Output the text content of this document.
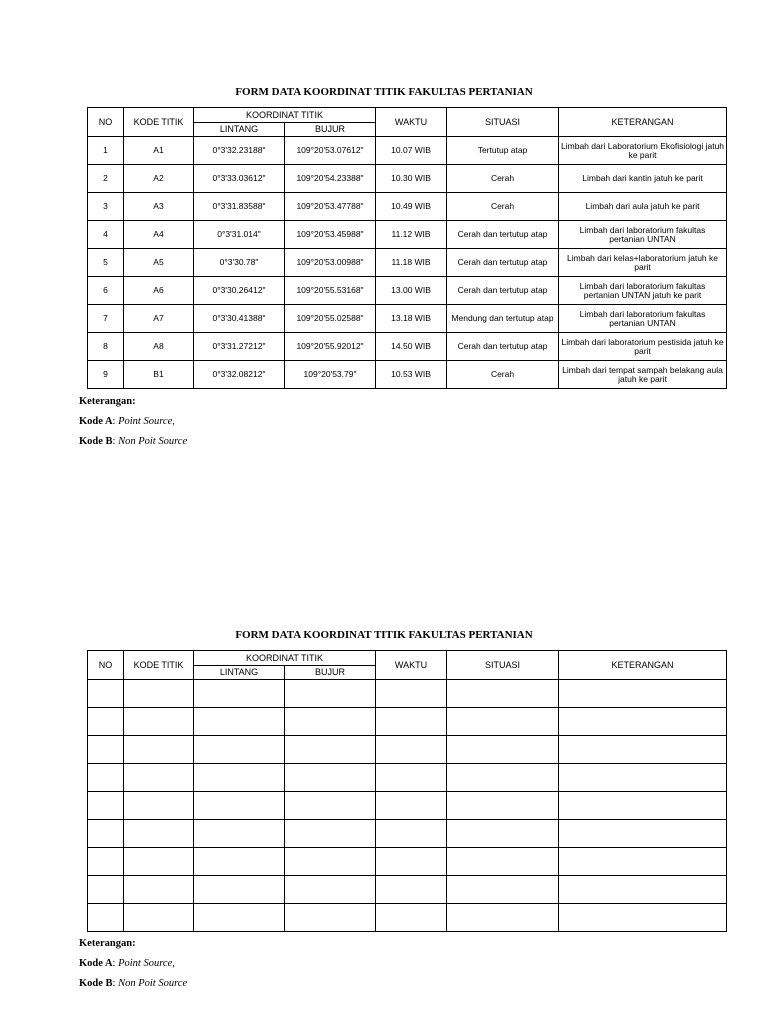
FORM DATA KOORDINAT TITIK FAKULTAS PERTANIAN
NO	KODE TITIK	KOORDINAT TITIK		WAKTU	SITUASI	KETERANGAN
		LINTANG	BUJUR			
1	A1	0°3'32.23188"	109°20'53.07612"	10.07 WIB	Tertutup atap	Limbah dari Laboratorium Ekofisiologi jatuh ke parit
2	A2	0°3'33.03612"	109°20'54.23388"	10.30 WIB	Cerah	Limbah dari kantin jatuh ke parit
3	A3	0°3'31.83588"	109°20'53.47788"	10.49 WIB	Cerah	Limbah dari aula jatuh ke parit
4	A4	0°3'31.014"	109°20'53.45988"	11.12 WIB	Cerah dan tertutup atap	Limbah dari laboratorium fakultas pertanian UNTAN
5	A5	0°3'30.78"	109°20'53.00988"	11.18 WIB	Cerah dan tertutup atap	Limbah dari kelas+laboratorium jatuh ke parit
6	A6	0°3'30.26412"	109°20'55.53168"	13.00 WIB	Cerah dan tertutup atap	Limbah dari laboratorium fakultas pertanian UNTAN jatuh ke parit
7	A7	0°3'30.41388"	109°20'55.02588"	13.18 WIB	Mendung dan tertutup atap	Limbah dari laboratorium fakultas pertanian UNTAN
8	A8	0°3'31.27212"	109°20'55.92012"	14.50 WIB	Cerah dan tertutup atap	Limbah dari laboratorium pestisida jatuh ke parit
9	B1	0°3'32.08212"	109°20'53.79"	10.53 WIB	Cerah	Limbah dari tempat sampah belakang aula jatuh ke parit
Keterangan:
Kode A: Point Source,
Kode B: Non Poit Source
FORM DATA KOORDINAT TITIK FAKULTAS PERTANIAN
NO	KODE TITIK	KOORDINAT TITIK		WAKTU	SITUASI	KETERANGAN
		LINTANG	BUJUR			

Keterangan:
Kode A: Point Source,
Kode B: Non Poit Source
